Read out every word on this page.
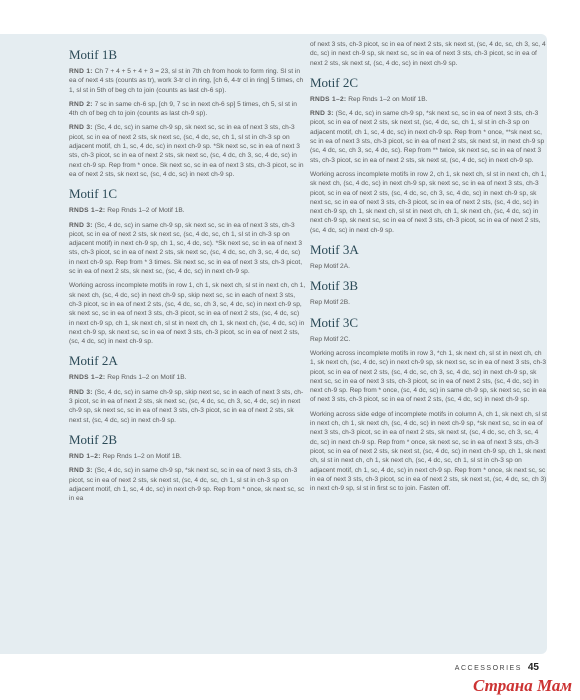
Motif 1B

RND 1: Ch 7 + 4 + 5 + 4 + 3 = 23, sl st in 7th ch from hook to form ring. Sl st in ea of next 4 sts (counts as tr), work 3-tr cl in ring, [ch 6, 4-tr cl in ring] 5 times, ch 1, sl st in 5th of beg ch to join (counts as last ch-6 sp).

RND 2: 7 sc in same ch-6 sp, [ch 9, 7 sc in next ch-6 sp] 5 times, ch 5, sl st in 4th ch of beg ch to join (counts as last ch-9 sp).

RND 3: (Sc, 4 dc, sc) in same ch-9 sp, sk next sc, sc in ea of next 3 sts, ch-3 picot, sc in ea of next 2 sts, sk next sc, (sc, 4 dc, sc, ch 1, sl st in ch-3 sp on adjacent motif, ch 1, sc, 4 dc, sc) in next ch-9 sp. *Sk next sc, sc in ea of next 3 sts, ch-3 picot, sc in ea of next 2 sts, sk next sc, (sc, 4 dc, ch 3, sc, 4 dc, sc) in next ch-9 sp. Rep from * once. Sk next sc, sc in ea of next 3 sts, ch-3 picot, sc in ea of next 2 sts, sk next sc, (sc, 4 dc, sc) in next ch-9 sp.

Motif 1C

RNDS 1–2: Rep Rnds 1–2 of Motif 1B.

RND 3: (Sc, 4 dc, sc) in same ch-9 sp, sk next sc, sc in ea of next 3 sts, ch-3 picot, sc in ea of next 2 sts, sk next sc, (sc, 4 dc, sc, ch 1, sl st in ch-3 sp on adjacent motif) in next ch-9 sp, ch 1, sc, 4 dc, sc). *Sk next sc, sc in ea of next 3 sts, ch-3 picot, sc in ea of next 2 sts, sk next sc, (sc, 4 dc, sc, ch 3, sc, 4 dc, sc) in next ch-9 sp. Rep from * 3 times. Sk next sc, sc in ea of next 3 sts, ch-3 picot, sc in ea of next 2 sts, sk next sc, (sc, 4 dc, sc) in next ch-9 sp.

Working across incomplete motifs in row 1, ch 1, sk next ch, sl st in next ch, ch 1, sk next ch, (sc, 4 dc, sc) in next ch-9 sp, skip next sc, sc in each of next 3 sts, ch-3 picot, sc in ea of next 2 sts, (sc, 4 dc, sc, ch 3, sc, 4 dc, sc) in next ch-9 sp, sk next sc, sc in ea of next 3 sts, ch-3 picot, sc in ea of next 2 sts, (sc, 4 dc, sc) in next ch-9 sp, ch 1, sk next ch, sl st in next ch, ch 1, sk next ch, (sc, 4 dc, sc) in next ch-9 sp, sk next sc, sc in ea of next 3 sts, ch-3 picot, sc in ea of next 2 sts, (sc, 4 dc, sc) in next ch-9 sp.

Motif 2A

RNDS 1–2: Rep Rnds 1–2 on Motif 1B.

RND 3: (Sc, 4 dc, sc) in same ch-9 sp, skip next sc, sc in each of next 3 sts, ch-3 picot, sc in ea of next 2 sts, sk next sc, (sc, 4 dc, sc, ch 3, sc, 4 dc, sc) in next ch-9 sp, sk next sc, sc in ea of next 3 sts, ch-3 picot, sc in ea of next 2 sts, sk next st, (sc, 4 dc, sc) in next ch-9 sp.

Motif 2B

RND 1–2: Rep Rnds 1–2 on Motif 1B.

RND 3: (Sc, 4 dc, sc) in same ch-9 sp, *sk next sc, sc in ea of next 3 sts, ch-3 picot, sc in ea of next 2 sts, sk next st, (sc, 4 dc, sc, ch 1, sl st in ch-3 sp on adjacent motif, ch 1, sc, 4 dc, sc) in next ch-9 sp. Rep from * once, sk next sc, sc in ea

of next 3 sts, ch-3 picot, sc in ea of next 2 sts, sk next st, (sc, 4 dc, sc, ch 3, sc, 4 dc, sc) in next ch-9 sp, sk next sc, sc in ea of next 3 sts, ch-3 picot, sc in ea of next 2 sts, sk next st, (sc, 4 dc, sc) in next ch-9 sp.

Motif 2C

RNDS 1–2: Rep Rnds 1–2 on Motif 1B.

RND 3: (Sc, 4 dc, sc) in same ch-9 sp, *sk next sc, sc in ea of next 3 sts, ch-3 picot, sc in ea of next 2 sts, sk next st, (sc, 4 dc, sc, ch 1, sl st in ch-3 sp on adjacent motif, ch 1, sc, 4 dc, sc) in next ch-9 sp. Rep from * once, **sk next sc, sc in ea of next 3 sts, ch-3 picot, sc in ea of next 2 sts, sk next st, in next ch-9 sp (sc, 4 dc, sc, ch 3, sc, 4 dc, sc). Rep from ** twice, sk next sc, sc in ea of next 3 sts, ch-3 picot, sc in ea of next 2 sts, sk next st, (sc, 4 dc, sc) in next ch-9 sp.

Working across incomplete motifs in row 2, ch 1, sk next ch, sl st in next ch, ch 1, sk next ch, (sc, 4 dc, sc) in next ch-9 sp, sk next sc, sc in ea of next 3 sts, ch-3 picot, sc in ea of next 2 sts, (sc, 4 dc, sc, ch 3, sc, 4 dc, sc) in next ch-9 sp, sk next sc, sc in ea of next 3 sts, ch-3 picot, sc in ea of next 2 sts, (sc, 4 dc, sc) in next ch-9 sp, ch 1, sk next ch, sl st in next ch, ch 1, sk next ch, (sc, 4 dc, sc) in next ch-9 sp, sk next sc, sc in ea of next 3 sts, ch-3 picot, sc in ea of next 2 sts, (sc, 4 dc, sc) in next ch-9 sp.

Motif 3A

Rep Motif 2A.

Motif 3B

Rep Motif 2B.

Motif 3C

Rep Motif 2C.

Working across incomplete motifs in row 3, *ch 1, sk next ch, sl st in next ch, ch 1, sk next ch, (sc, 4 dc, sc) in next ch-9 sp, sk next sc, sc in ea of next 3 sts, ch-3 picot, sc in ea of next 2 sts, (sc, 4 dc, sc, ch 3, sc, 4 dc, sc) in next ch-9 sp, sk next sc, sc in ea of next 3 sts, ch-3 picot, sc in ea of next 2 sts, (sc, 4 dc, sc) in next ch-9 sp. Rep from * once, (sc, 4 dc, sc) in same ch-9 sp, sk next sc, sc in ea of next 3 sts, ch-3 picot, sc in ea of next 2 sts, (sc, 4 dc, sc) in next ch-9 sp.

Working across side edge of incomplete motifs in column A, ch 1, sk next ch, sl st in next ch, ch 1, sk next ch, (sc, 4 dc, sc) in next ch-9 sp, *sk next sc, sc in ea of next 3 sts, ch-3 picot, sc in ea of next 2 sts, sk next st, (sc, 4 dc, sc, ch 3, sc, 4 dc, sc) in next ch-9 sp. Rep from * once, sk next sc, sc in ea of next 3 sts, ch-3 picot, sc in ea of next 2 sts, sk next st, (sc, 4 dc, sc) in next ch-9 sp, ch 1, sk next ch, sl st in next ch, ch 1, sk next ch, (sc, 4 dc, sc, ch 1, sl st in ch-3 sp on adjacent motif, ch 1, sc, 4 dc, sc) in next ch-9 sp. Rep from * once, sk next sc, sc in ea of next 3 sts, ch-3 picot, sc in ea of next 2 sts, sk next st, (sc, 4 dc, sc, ch 3) in next ch-9 sp, sl st in first sc to join. Fasten off.

ACCESSORIES 45
Страна Мам
